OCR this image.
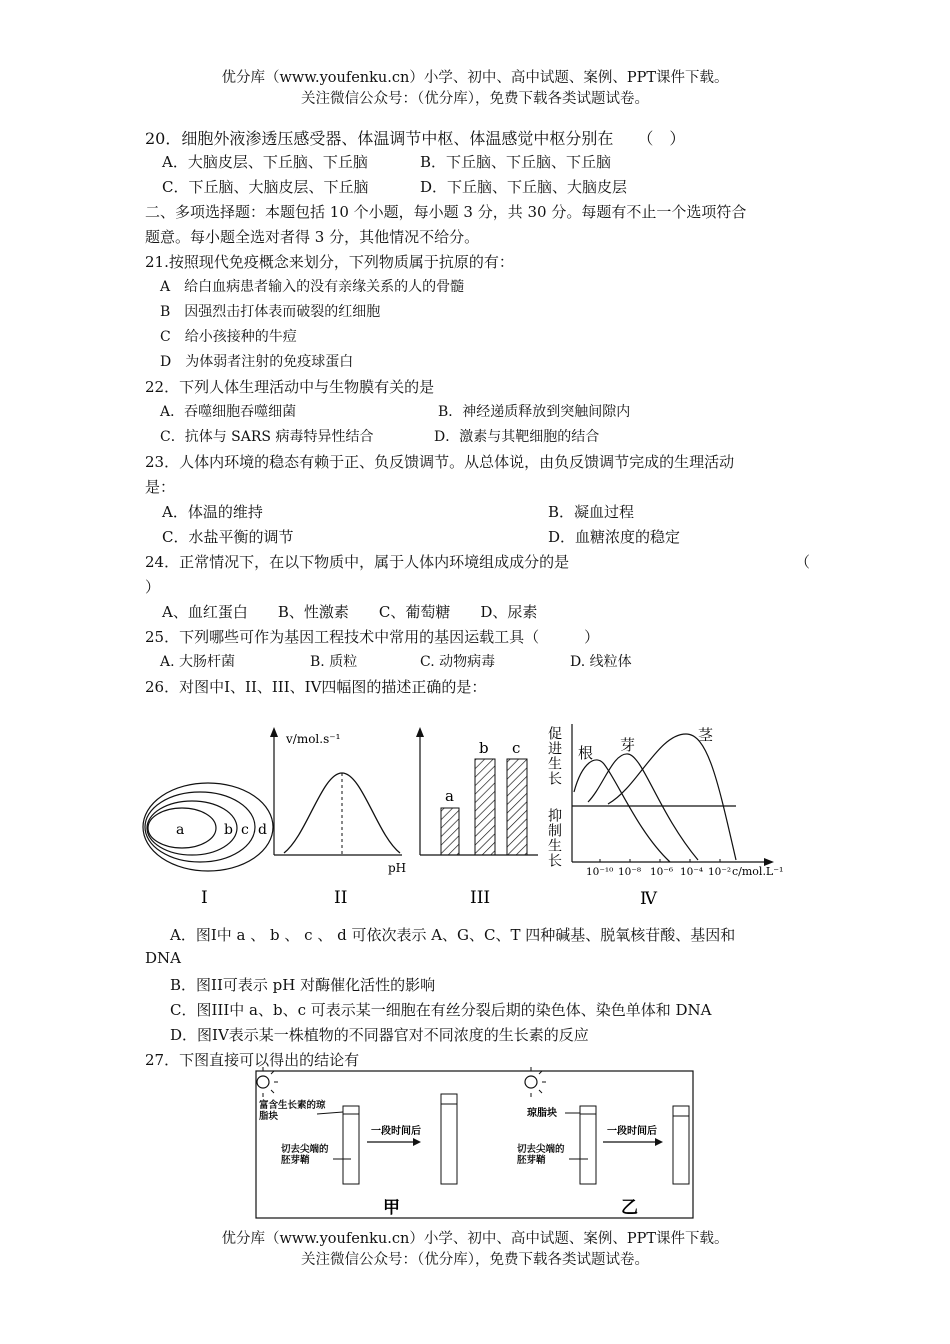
优分库（www.youfenku.cn）小学、初中、高中试题、案例、PPT课件下载。
关注微信公众号：（优分库），免费下载各类试题试卷。
20．细胞外液渗透压感受器、体温调节中枢、体温感觉中枢分别在　　（　）
A．大脑皮层、下丘脑、下丘脑	B．下丘脑、下丘脑、下丘脑
C．下丘脑、大脑皮层、下丘脑	D．下丘脑、下丘脑、大脑皮层
二、多项选择题：本题包括 10 个小题，每小题 3 分，共 30 分。每题有不止一个选项符合
题意。每小题全选对者得 3 分，其他情况不给分。
21.按照现代免疫概念来划分，下列物质属于抗原的有：
A　给白血病患者输入的没有亲缘关系的人的骨髓
B　因强烈击打体表而破裂的红细胞
C　给小孩接种的牛痘
D　为体弱者注射的免疫球蛋白
22．下列人体生理活动中与生物膜有关的是
A．吞噬细胞吞噬细菌	B．神经递质释放到突触间隙内
C．抗体与 SARS 病毒特异性结合	D．激素与其靶细胞的结合
23．人体内环境的稳态有赖于正、负反馈调节。从总体说，由负反馈调节完成的生理活动
是：
A．体温的维持	B．凝血过程
C．水盐平衡的调节	D．血糖浓度的稳定
24．正常情况下，在以下物质中，属于人体内环境组成成分的是	（
）
A、血红蛋白　　B、性激素　　C、葡萄糖　　D、尿素
25．下列哪些可作为基因工程技术中常用的基因运载工具（　　　）
A. 大肠杆菌	B. 质粒	C. 动物病毒	D. 线粒体
26．对图中I、II、III、IV四幅图的描述正确的是：
a	b c d
I
v/mol.s⁻¹
pH
II
a
b c
III
10⁻¹⁰ 10⁻⁸ 10⁻⁶ 10⁻⁴ 10⁻² c/mol.L⁻¹
促进生长
抑制生长
根 芽
茎
Ⅳ
A．图I中 a 、 b 、 c 、 d 可依次表示 A、G、C、T 四种碱基、脱氧核苷酸、基因和
DNA
B．图II可表示 pH 对酶催化活性的影响
C．图III中 a、b、c 可表示某一细胞在有丝分裂后期的染色体、染色单体和 DNA
D．图IV表示某一株植物的不同器官对不同浓度的生长素的反应
27．下图直接可以得出的结论有
富含生长素的琼脂块
切去尖端的胚芽鞘
一段时间后
甲
琼脂块
切去尖端的胚芽鞘
一段时间后
乙
优分库（www.youfenku.cn）小学、初中、高中试题、案例、PPT课件下载。
关注微信公众号：（优分库），免费下载各类试题试卷。
